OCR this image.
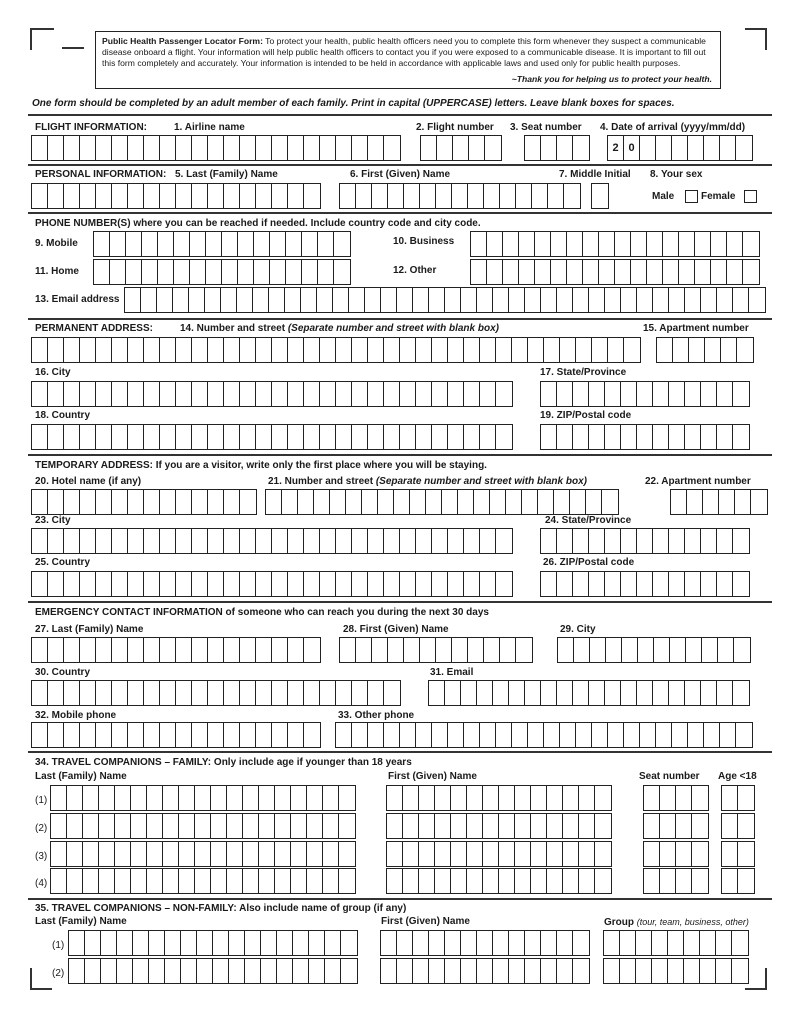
Public Health Passenger Locator Form: To protect your health, public health officers need you to complete this form whenever they suspect a communicable disease onboard a flight. Your information will help public health officers to contact you if you were exposed to a communicable disease. It is important to fill out this form completely and accurately. Your information is intended to be held in accordance with applicable laws and used only for public health purposes.
~Thank you for helping us to protect your health.
One form should be completed by an adult member of each family. Print in capital (UPPERCASE) letters. Leave blank boxes for spaces.
FLIGHT INFORMATION:	1. Airline name	2. Flight number 3. Seat number 4. Date of arrival (yyyy/mm/dd)
2 0
PERSONAL INFORMATION: 5. Last (Family) Name	6. First (Given) Name	7. Middle Initial 8. Your sex
Male	Female
PHONE NUMBER(S) where you can be reached if needed. Include country code and city code.
9. Mobile	10. Business
11. Home	12. Other
13. Email address
PERMANENT ADDRESS:	14. Number and street (Separate number and street with blank box)	15. Apartment number
16. City	17. State/Province
18. Country	19. ZIP/Postal code
TEMPORARY ADDRESS: If you are a visitor, write only the first place where you will be staying.
20. Hotel name (if any)	21. Number and street (Separate number and street with blank box)	22. Apartment number
23. City	24. State/Province
25. Country	26. ZIP/Postal code
EMERGENCY CONTACT INFORMATION of someone who can reach you during the next 30 days
27. Last (Family) Name	28. First (Given) Name	29. City
30. Country	31. Email
32. Mobile phone	33. Other phone
34. TRAVEL COMPANIONS – FAMILY: Only include age if younger than 18 years
Last (Family) Name	First (Given) Name	Seat number Age <18
(1)
(2)
(3)
(4)
35. TRAVEL COMPANIONS – NON-FAMILY: Also include name of group (if any)
Last (Family) Name	First (Given) Name	Group (tour, team, business, other)
(1)
(2)
